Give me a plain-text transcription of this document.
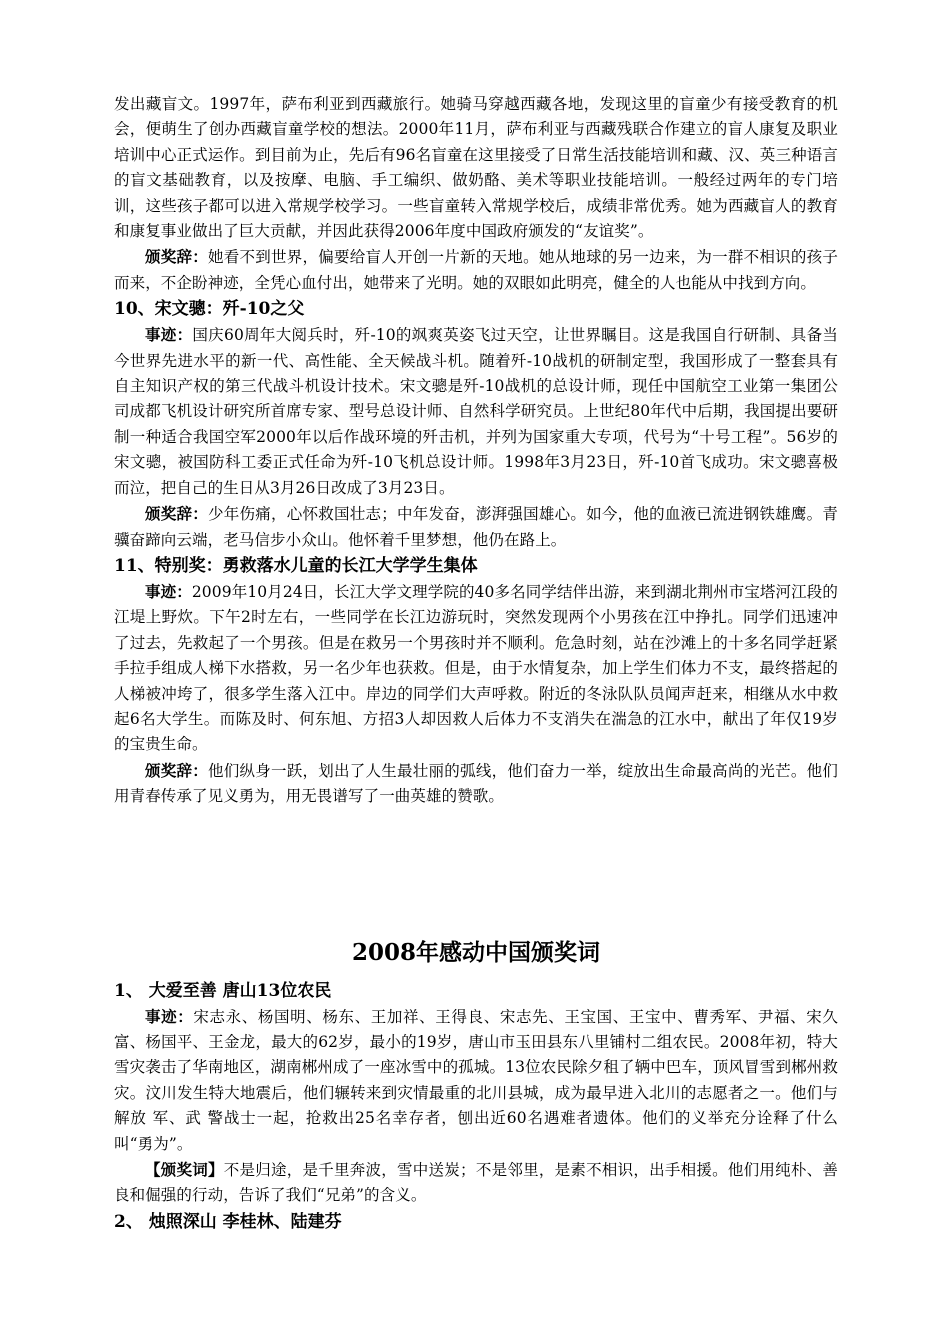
发出藏盲文。1997年，萨布利亚到西藏旅行。她骑马穿越西藏各地，发现这里的盲童少有接受教育的机会，便萌生了创办西藏盲童学校的想法。2000年11月，萨布利亚与西藏残联合作建立的盲人康复及职业培训中心正式运作。到目前为止，先后有96名盲童在这里接受了日常生活技能培训和藏、汉、英三种语言的盲文基础教育，以及按摩、电脑、手工编织、做奶酪、美术等职业技能培训。一般经过两年的专门培训，这些孩子都可以进入常规学校学习。一些盲童转入常规学校后，成绩非常优秀。她为西藏盲人的教育和康复事业做出了巨大贡献，并因此获得2006年度中国政府颁发的“友谊奖”。

颁奖辞：她看不到世界，偏要给盲人开创一片新的天地。她从地球的另一边来，为一群不相识的孩子而来，不企盼神迹，全凭心血付出，她带来了光明。她的双眼如此明亮，健全的人也能从中找到方向。

10、宋文骢：歼-10之父

事迹：国庆60周年大阅兵时，歼-10的飒爽英姿飞过天空，让世界瞩目。这是我国自行研制、具备当今世界先进水平的新一代、高性能、全天候战斗机。随着歼-10战机的研制定型，我国形成了一整套具有自主知识产权的第三代战斗机设计技术。宋文骢是歼-10战机的总设计师，现任中国航空工业第一集团公司成都飞机设计研究所首席专家、型号总设计师、自然科学研究员。上世纪80年代中后期，我国提出要研制一种适合我国空军2000年以后作战环境的歼击机，并列为国家重大专项，代号为“十号工程”。56岁的宋文骢，被国防科工委正式任命为歼-10飞机总设计师。1998年3月23日，歼-10首飞成功。宋文骢喜极而泣，把自己的生日从3月26日改成了3月23日。

颁奖辞：少年伤痛，心怀救国壮志；中年发奋，澎湃强国雄心。如今，他的血液已流进钢铁雄鹰。青骥奋蹄向云端，老马信步小众山。他怀着千里梦想，他仍在路上。

11、特别奖：勇救落水儿童的长江大学学生集体

事迹：2009年10月24日，长江大学文理学院的40多名同学结伴出游，来到湖北荆州市宝塔河江段的江堤上野炊。下午2时左右，一些同学在长江边游玩时，突然发现两个小男孩在江中挣扎。同学们迅速冲了过去，先救起了一个男孩。但是在救另一个男孩时并不顺利。危急时刻，站在沙滩上的十多名同学赶紧手拉手组成人梯下水搭救，另一名少年也获救。但是，由于水情复杂，加上学生们体力不支，最终搭起的人梯被冲垮了，很多学生落入江中。岸边的同学们大声呼救。附近的冬泳队队员闻声赶来，相继从水中救起6名大学生。而陈及时、何东旭、方招3人却因救人后体力不支消失在湍急的江水中，献出了年仅19岁的宝贵生命。

颁奖辞：他们纵身一跃，划出了人生最壮丽的弧线，他们奋力一举，绽放出生命最高尚的光芒。他们用青春传承了见义勇为，用无畏谱写了一曲英雄的赞歌。

2008年感动中国颁奖词
1、 大爱至善 唐山13位农民

事迹：宋志永、杨国明、杨东、王加祥、王得良、宋志先、王宝国、王宝中、曹秀军、尹福、宋久富、杨国平、王金龙，最大的62岁，最小的19岁，唐山市玉田县东八里铺村二组农民。2008年初，特大雪灾袭击了华南地区，湖南郴州成了一座冰雪中的孤城。13位农民除夕租了辆中巴车，顶风冒雪到郴州救灾。汶川发生特大地震后，他们辗转来到灾情最重的北川县城，成为最早进入北川的志愿者之一。他们与解放 军、武 警战士一起，抢救出25名幸存者，刨出近60名遇难者遗体。他们的义举充分诠释了什么叫“勇为”。

【颁奖词】不是归途，是千里奔波，雪中送炭；不是邻里，是素不相识，出手相援。他们用纯朴、善良和倔强的行动，告诉了我们“兄弟”的含义。

2、 烛照深山 李桂林、陆建芬
